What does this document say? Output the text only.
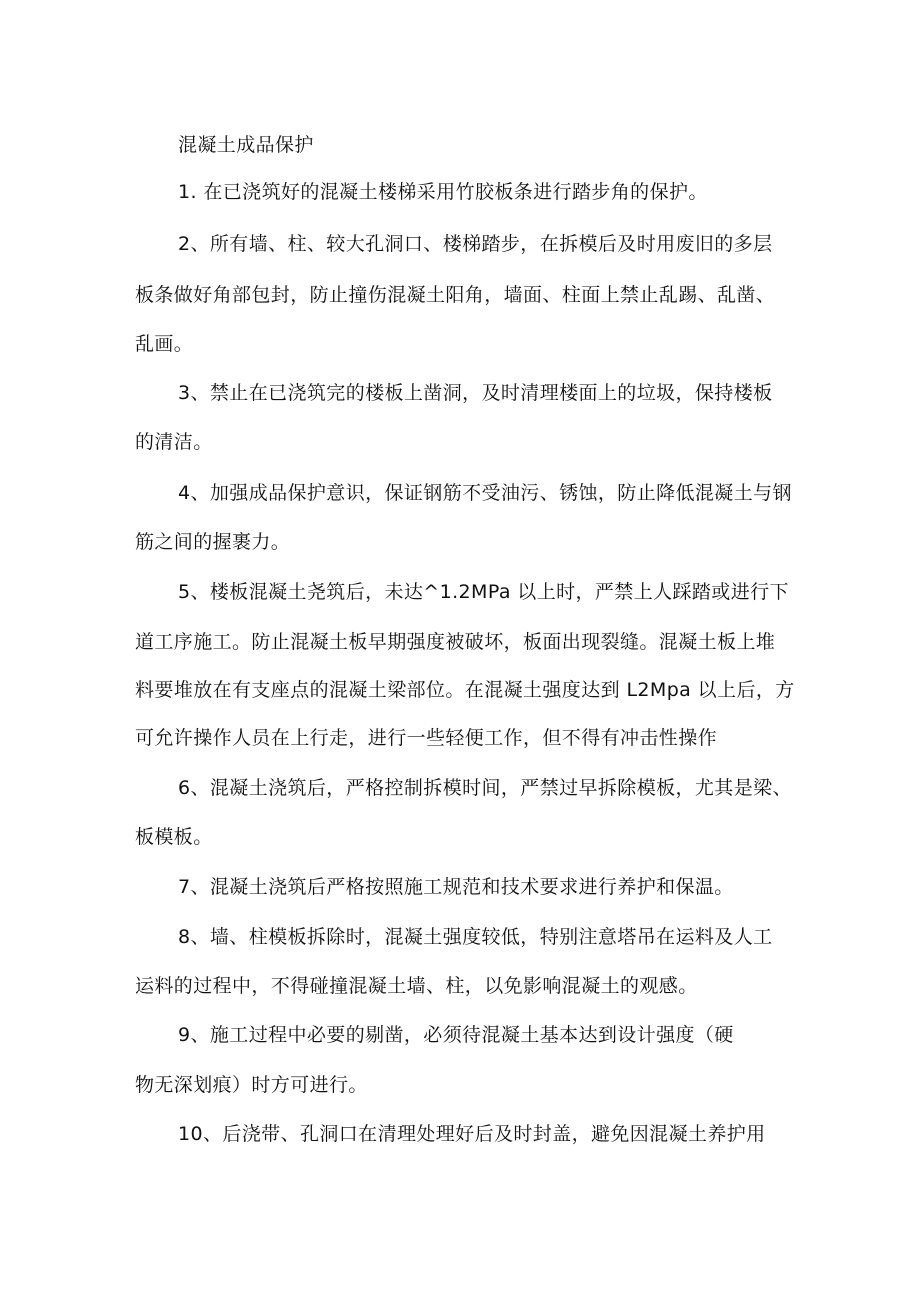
混凝土成品保护
1. 在已浇筑好的混凝土楼梯采用竹胶板条进行踏步角的保护。
2、所有墙、柱、较大孔洞口、楼梯踏步，在拆模后及时用废旧的多层
板条做好角部包封，防止撞伤混凝土阳角，墙面、柱面上禁止乱踢、乱凿、
乱画。
3、禁止在已浇筑完的楼板上凿洞，及时清理楼面上的垃圾，保持楼板
的清洁。
4、加强成品保护意识，保证钢筋不受油污、锈蚀，防止降低混凝土与钢
筋之间的握裹力。
5、楼板混凝土尧筑后，未达^1.2MPa 以上时，严禁上人踩踏或进行下
道工序施工。防止混凝土板早期强度被破坏，板面出现裂缝。混凝土板上堆
料要堆放在有支座点的混凝土梁部位。在混凝土强度达到 L2Mpa 以上后，方
可允许操作人员在上行走，进行一些轻便工作，但不得有冲击性操作
6、混凝土浇筑后，严格控制拆模时间，严禁过早拆除模板，尤其是梁、
板模板。
7、混凝土浇筑后严格按照施工规范和技术要求进行养护和保温。
8、墙、柱模板拆除时，混凝土强度较低，特别注意塔吊在运料及人工
运料的过程中，不得碰撞混凝土墙、柱，以免影响混凝土的观感。
9、施工过程中必要的剔凿，必须待混凝土基本达到设计强度（硬
物无深划痕）时方可进行。
10、后浇带、孔洞口在清理处理好后及时封盖，避免因混凝土养护用
